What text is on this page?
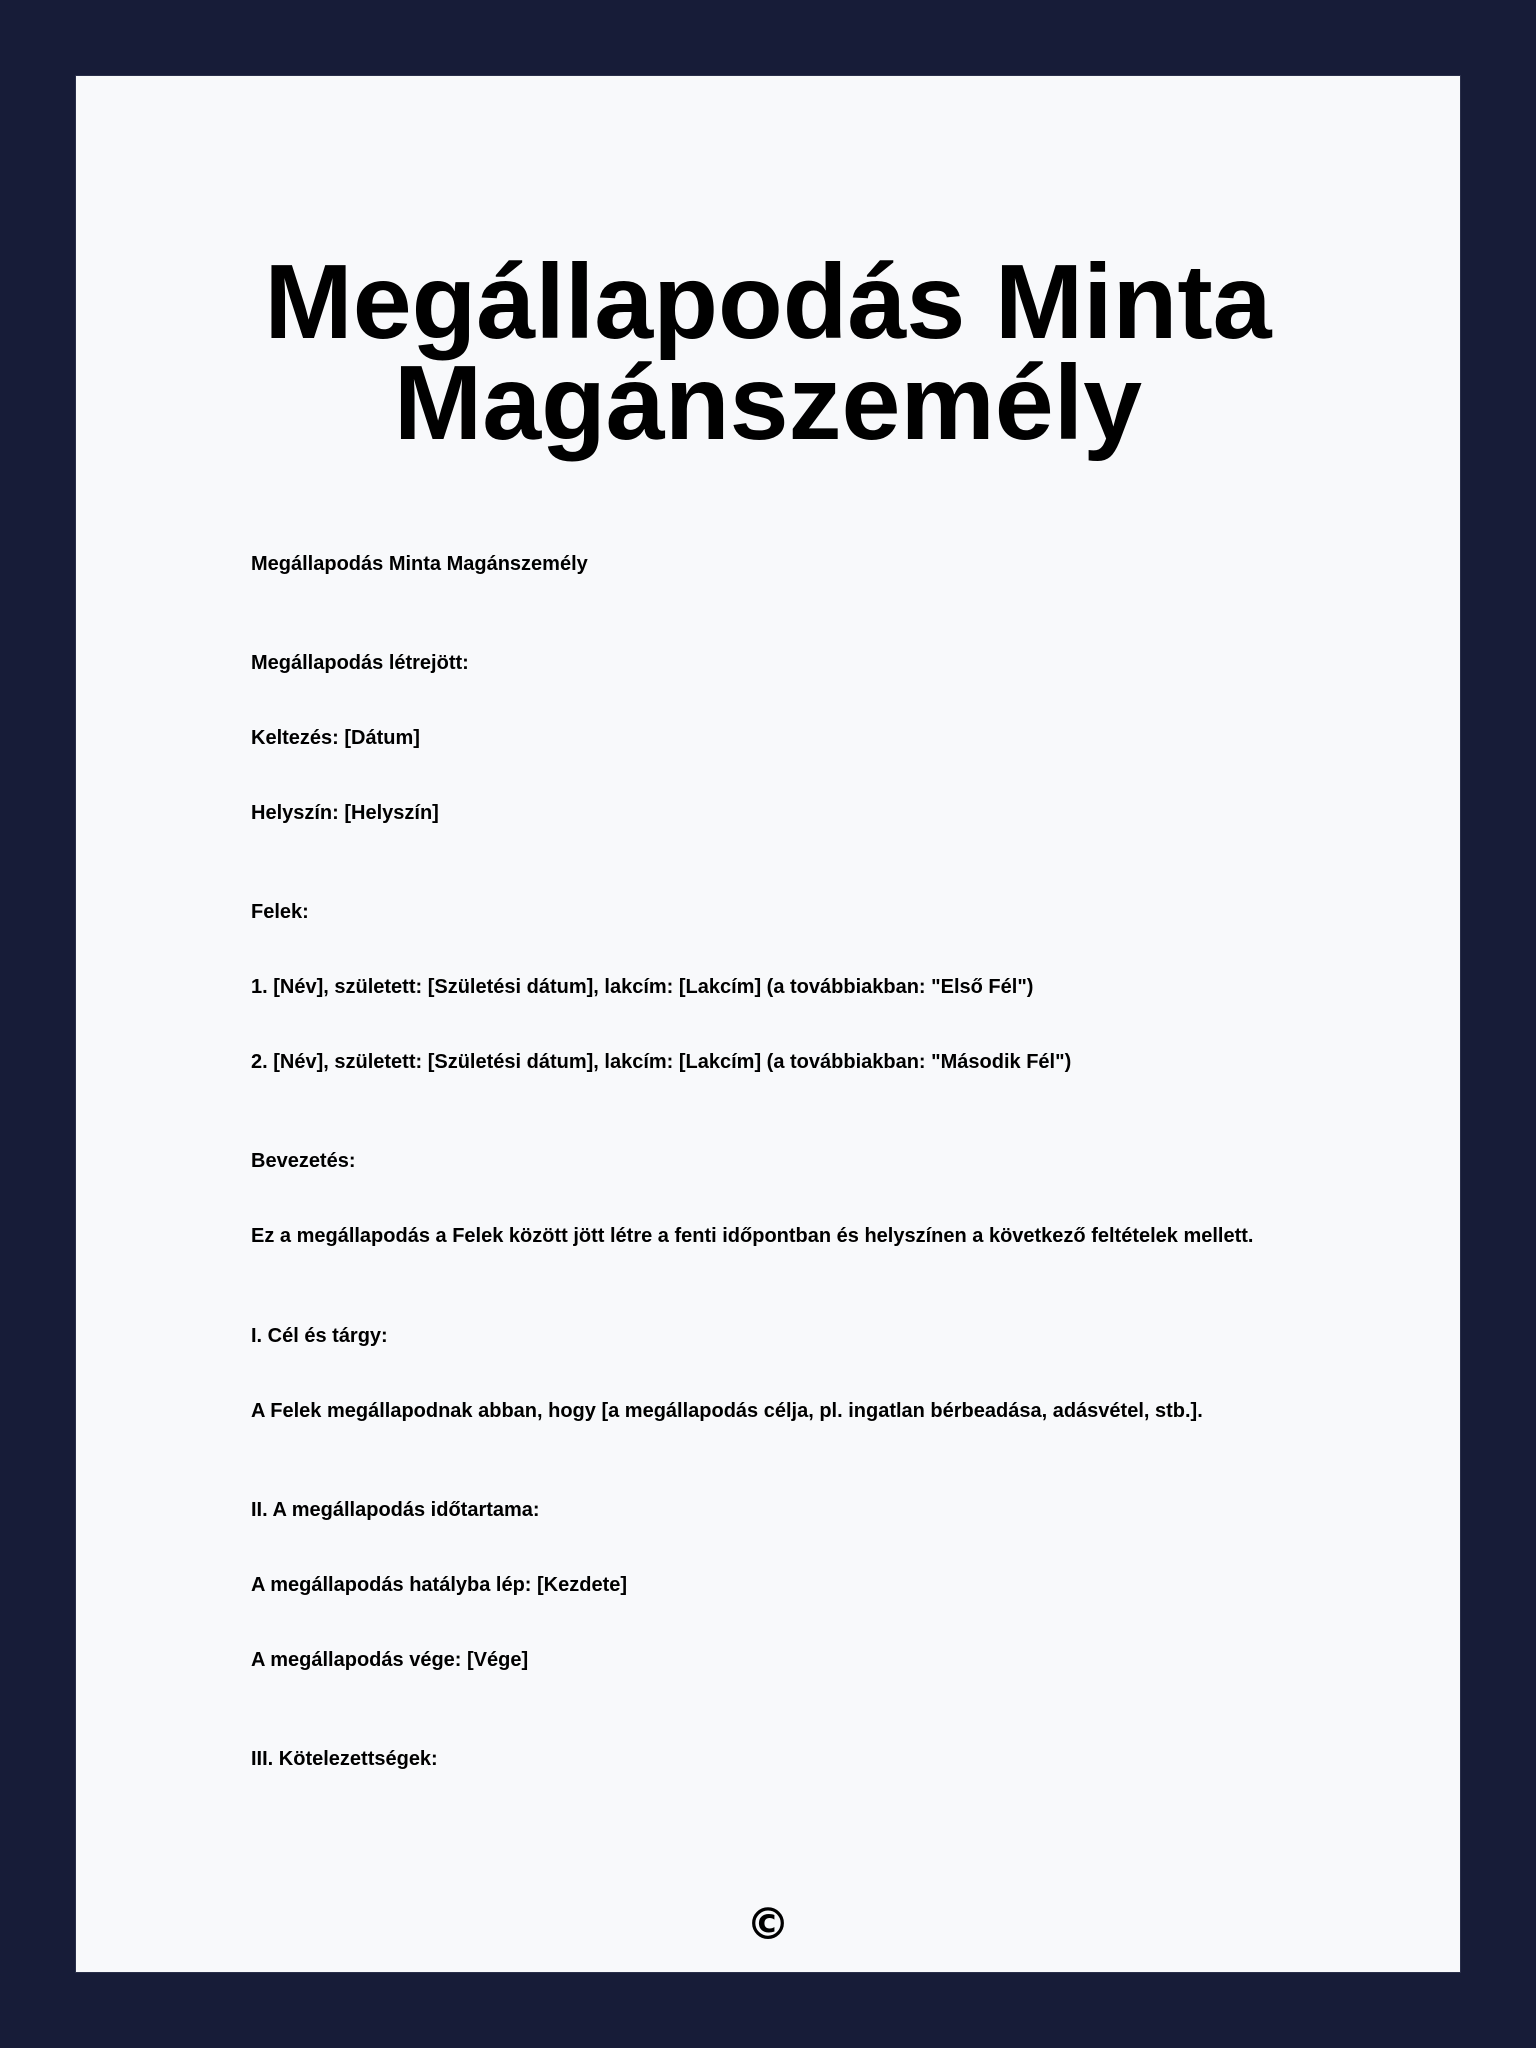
Megállapodás Minta
Magánszemély

Megállapodás Minta Magánszemély

Megállapodás létrejött:

Keltezés: [Dátum]

Helyszín: [Helyszín]

Felek:

1. [Név], született: [Születési dátum], lakcím: [Lakcím] (a továbbiakban: "Első Fél")

2. [Név], született: [Születési dátum], lakcím: [Lakcím] (a továbbiakban: "Második Fél")

Bevezetés:

Ez a megállapodás a Felek között jött létre a fenti időpontban és helyszínen a következő feltételek mellett.

I. Cél és tárgy:

A Felek megállapodnak abban, hogy [a megállapodás célja, pl. ingatlan bérbeadása, adásvétel, stb.].

II. A megállapodás időtartama:

A megállapodás hatályba lép: [Kezdete]

A megállapodás vége: [Vége]

III. Kötelezettségek:

©
